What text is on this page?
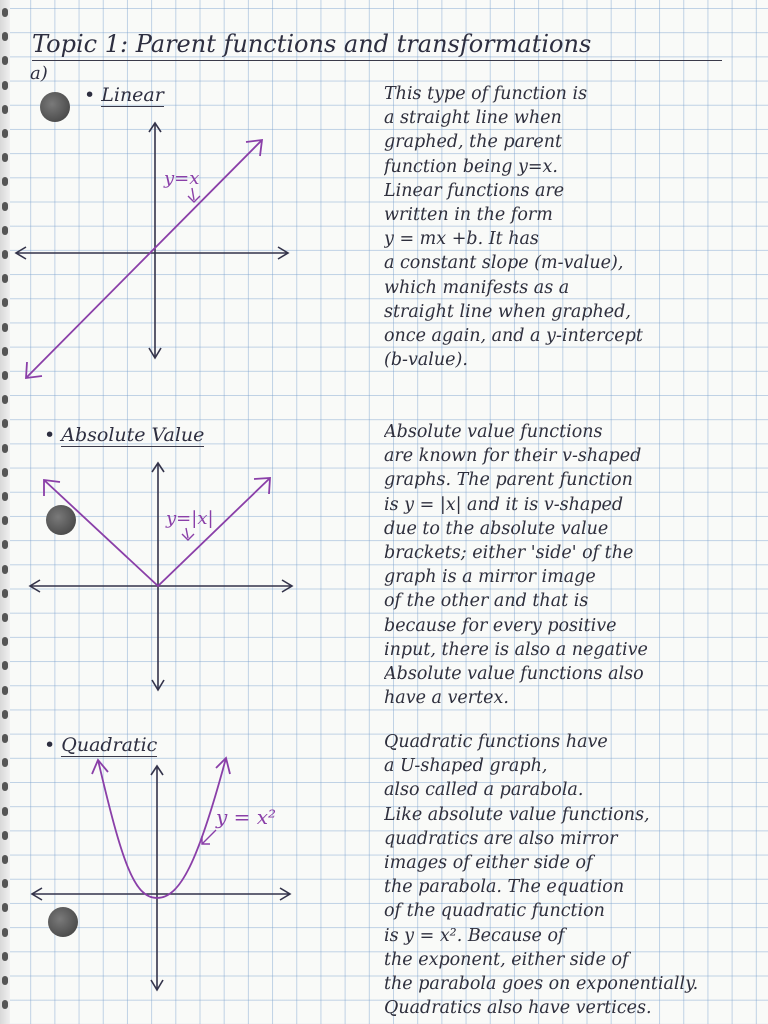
Topic 1: Parent functions and transformations
a)
• Linear
y=x
This type of function is
a straight line when
graphed, the parent
function being y=x.
Linear functions are
written in the form
y = mx +b. It has
a constant slope (m-value),
which manifests as a
straight line when graphed,
once again, and a y-intercept
(b-value).
• Absolute Value
y=|x|
Absolute value functions
are known for their v-shaped
graphs. The parent function
is y = |x| and it is v-shaped
due to the absolute value
brackets; either 'side' of the
graph is a mirror image
of the other and that is
because for every positive
input, there is also a negative
Absolute value functions also
have a vertex.
• Quadratic
y = x²
Quadratic functions have
a U-shaped graph,
also called a parabola.
Like absolute value functions,
quadratics are also mirror
images of either side of
the parabola. The equation
of the quadratic function
is y = x². Because of
the exponent, either side of
the parabola goes on exponentially.
Quadratics also have vertices.
